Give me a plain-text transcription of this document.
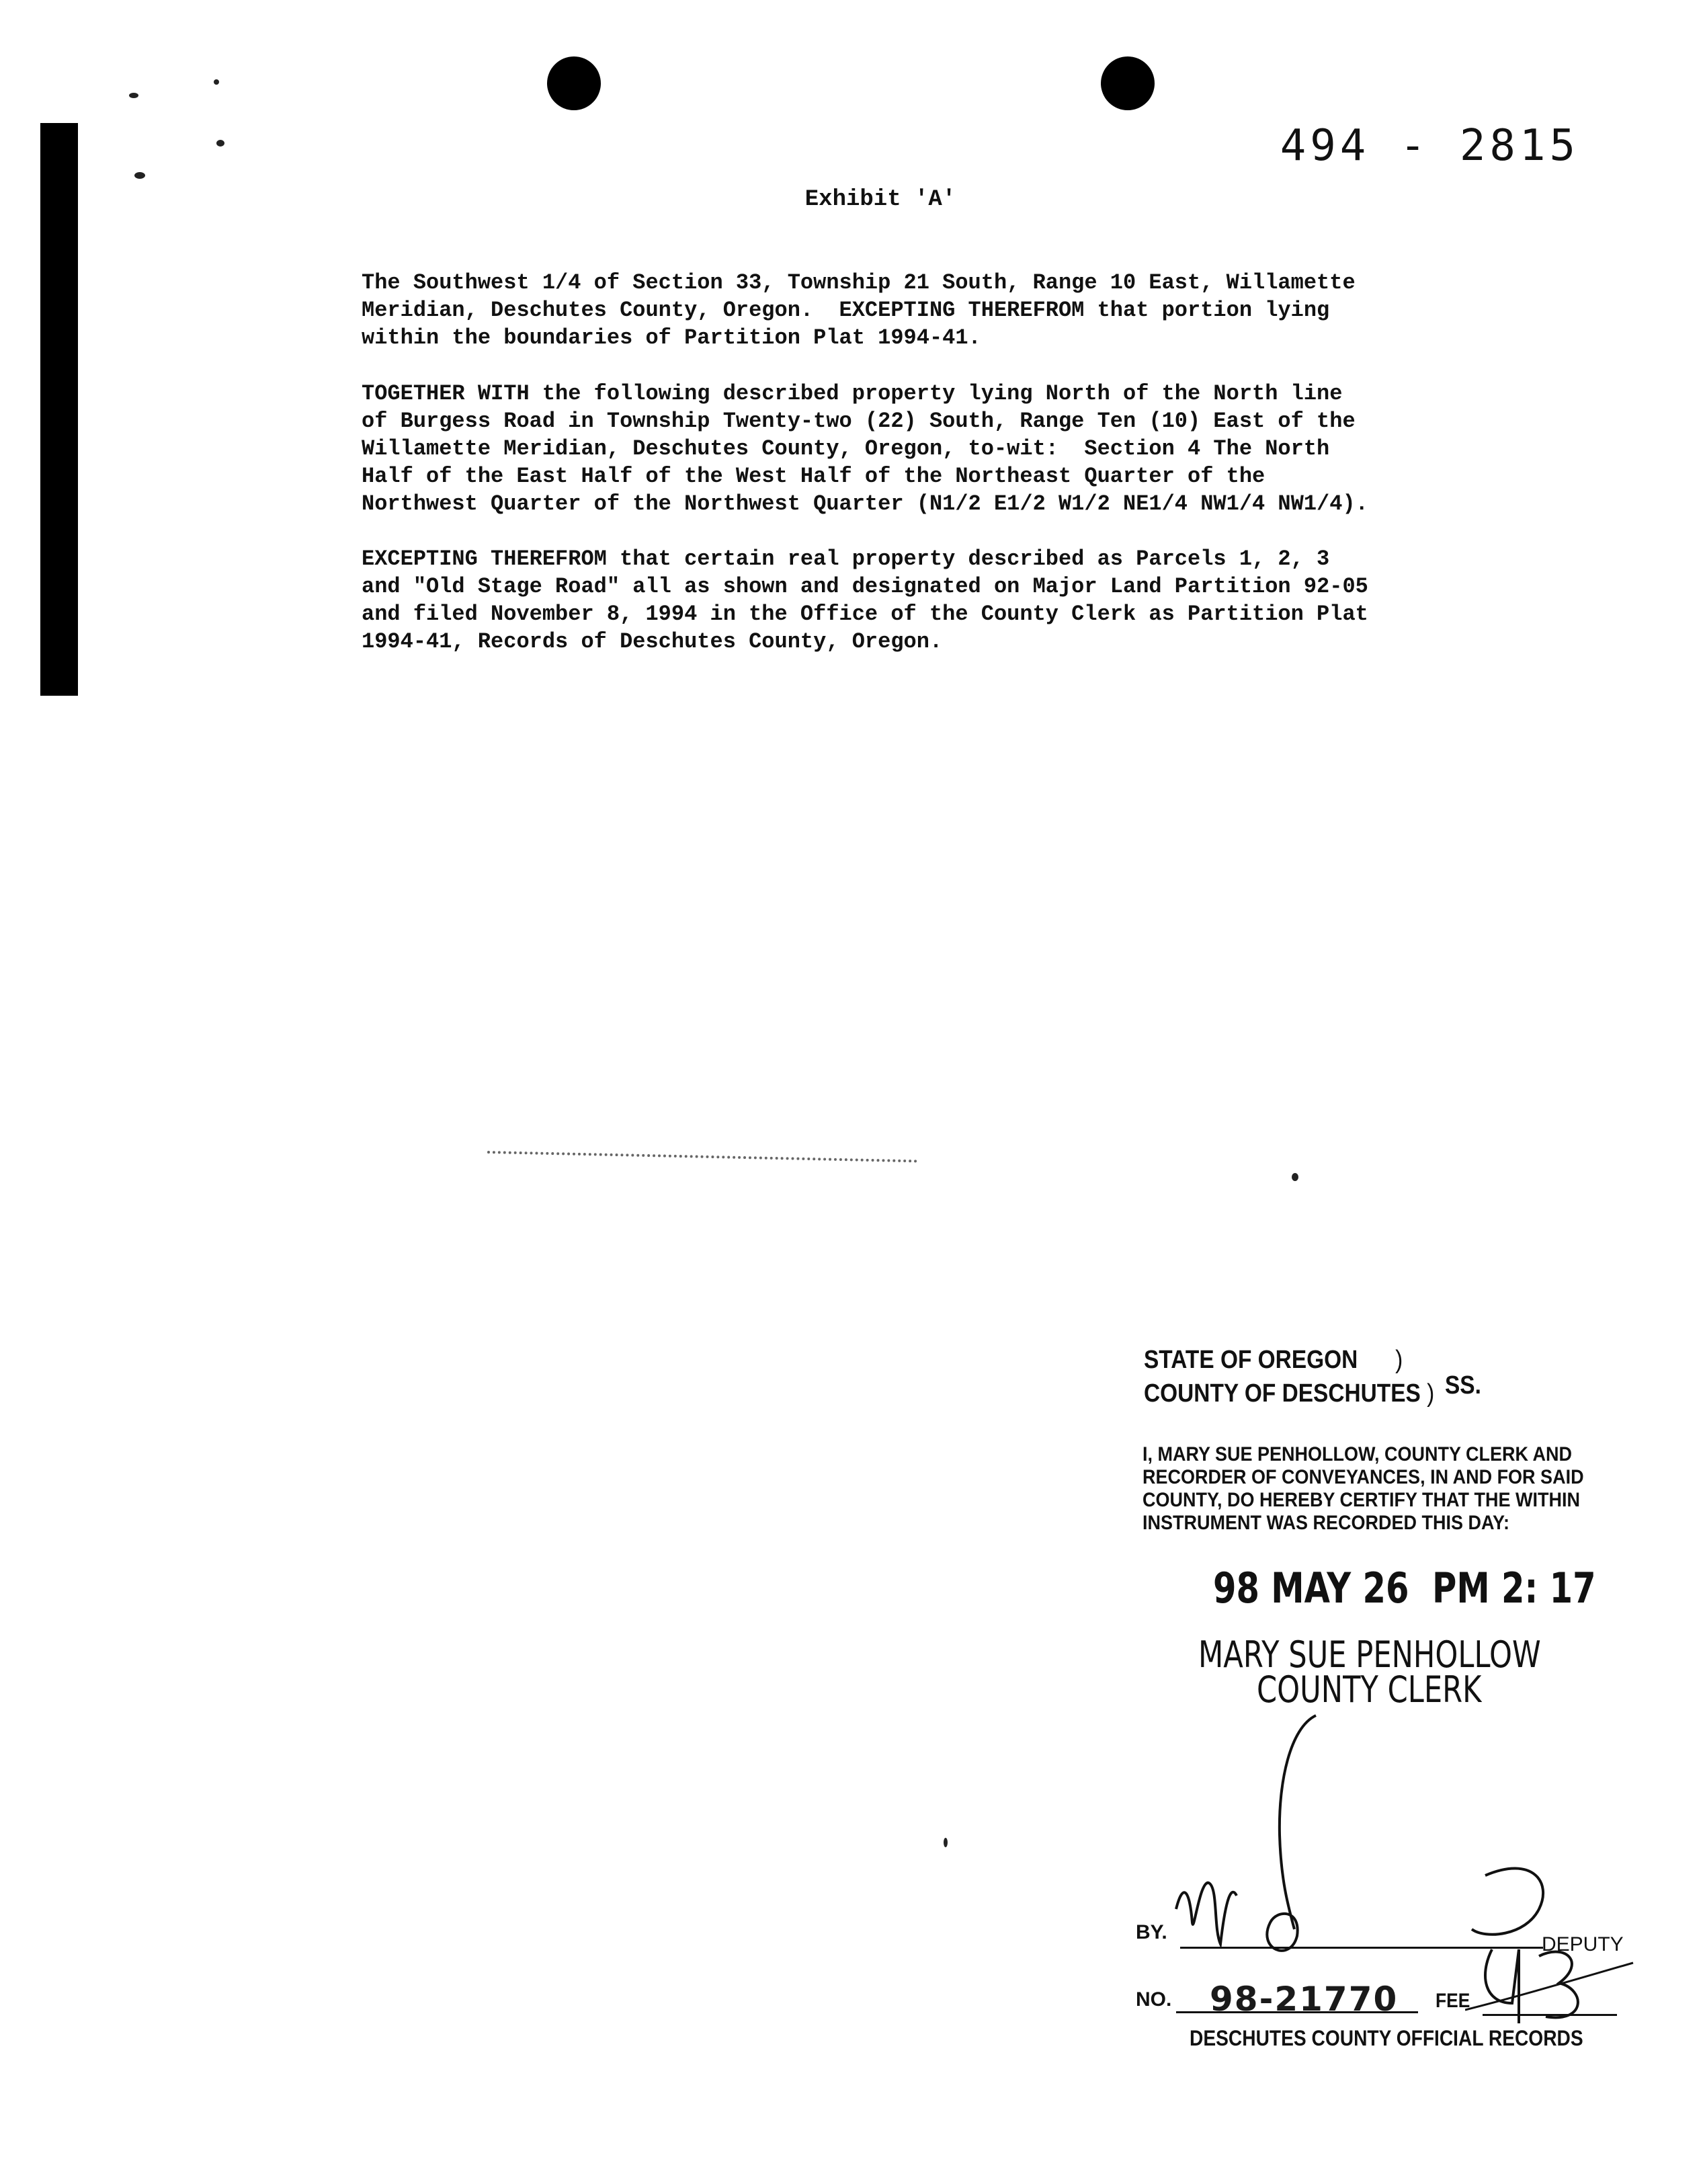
494 - 2815
Exhibit 'A'
The Southwest 1/4 of Section 33, Township 21 South, Range 10 East, Willamette
Meridian, Deschutes County, Oregon.  EXCEPTING THEREFROM that portion lying
within the boundaries of Partition Plat 1994-41.
TOGETHER WITH the following described property lying North of the North line
of Burgess Road in Township Twenty-two (22) South, Range Ten (10) East of the
Willamette Meridian, Deschutes County, Oregon, to-wit:  Section 4 The North
Half of the East Half of the West Half of the Northeast Quarter of the
Northwest Quarter of the Northwest Quarter (N1/2 E1/2 W1/2 NE1/4 NW1/4 NW1/4).
EXCEPTING THEREFROM that certain real property described as Parcels 1, 2, 3
and "Old Stage Road" all as shown and designated on Major Land Partition 92-05
and filed November 8, 1994 in the Office of the County Clerk as Partition Plat
1994-41, Records of Deschutes County, Oregon.
STATE OF OREGON )
COUNTY OF DESCHUTES ) SS.
I, MARY SUE PENHOLLOW, COUNTY CLERK AND
RECORDER OF CONVEYANCES, IN AND FOR SAID
COUNTY, DO HEREBY CERTIFY THAT THE WITHIN
INSTRUMENT WAS RECORDED THIS DAY:
98 MAY 26  PM 2: 17
MARY SUE PENHOLLOW
COUNTY CLERK
BY.
DEPUTY
NO. 98-21770 FEE
DESCHUTES COUNTY OFFICIAL RECORDS
